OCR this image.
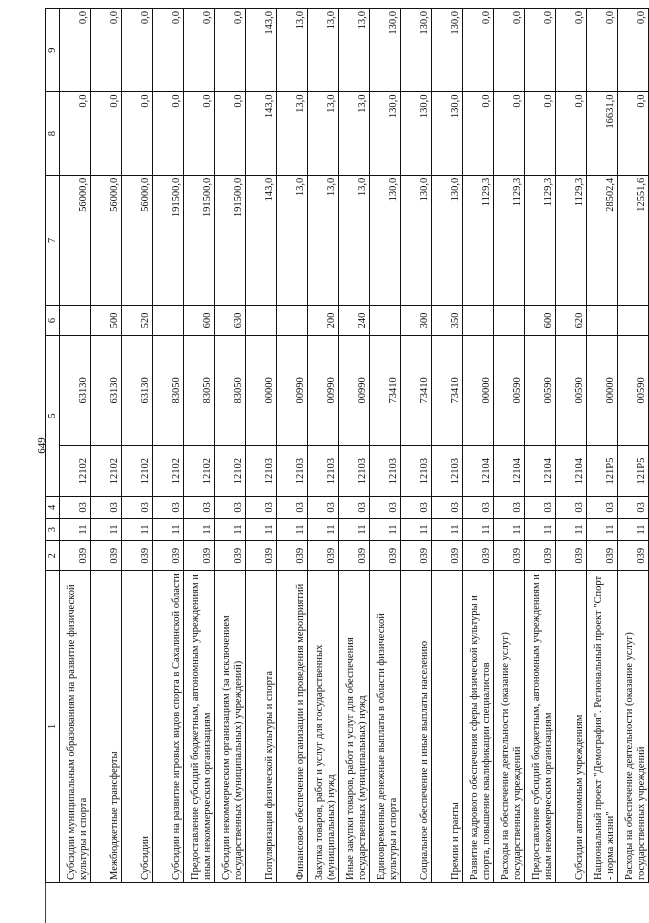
649
1	2	3	4	5		6	7	8	9
Субсидии муниципальным образованиям на развитие физической культуры и спорта	039	11	03	12102	63130		56000,0	0,0	0,0
Межбюджетные трансферты	039	11	03	12102	63130	500	56000,0	0,0	0,0
Субсидии	039	11	03	12102	63130	520	56000,0	0,0	0,0
Субсидии на развитие игровых видов спорта в Сахалинской области	039	11	03	12102	83050		191500,0	0,0	0,0
Предоставление субсидий бюджетным, автономным учреждениям и иным некоммерческим организациям	039	11	03	12102	83050	600	191500,0	0,0	0,0
Субсидии некоммерческим организациям (за исключением государственных (муниципальных) учреждений)	039	11	03	12102	83050	630	191500,0	0,0	0,0
Популяризация физической культуры и спорта	039	11	03	12103	00000		143,0	143,0	143,0
Финансовое обеспечение организации и проведения мероприятий	039	11	03	12103	00990		13,0	13,0	13,0
Закупка товаров, работ и услуг для государственных (муниципальных) нужд	039	11	03	12103	00990	200	13,0	13,0	13,0
Иные закупки товаров, работ и услуг для обеспечения государственных (муниципальных) нужд	039	11	03	12103	00990	240	13,0	13,0	13,0
Единовременные денежные выплаты в области физической культуры и спорта	039	11	03	12103	73410		130,0	130,0	130,0
Социальное обеспечение и иные выплаты населению	039	11	03	12103	73410	300	130,0	130,0	130,0
Премии и гранты	039	11	03	12103	73410	350	130,0	130,0	130,0
Развитие кадрового обеспечения сферы физической культуры и спорта, повышение квалификации специалистов	039	11	03	12104	00000		1129,3	0,0	0,0
Расходы на обеспечение деятельности (оказание услуг) государственных учреждений	039	11	03	12104	00590		1129,3	0,0	0,0
Предоставление субсидий бюджетным, автономным учреждениям и иным некоммерческим организациям	039	11	03	12104	00590	600	1129,3	0,0	0,0
Субсидии автономным учреждениям	039	11	03	12104	00590	620	1129,3	0,0	0,0
Национальный проект "Демография". Региональный проект "Спорт - норма жизни"	039	11	03	121P5	00000		28502,4	16631,0	0,0
Расходы на обеспечение деятельности (оказание услуг) государственных учреждений	039	11	03	121P5	00590		12551,6	0,0	0,0
